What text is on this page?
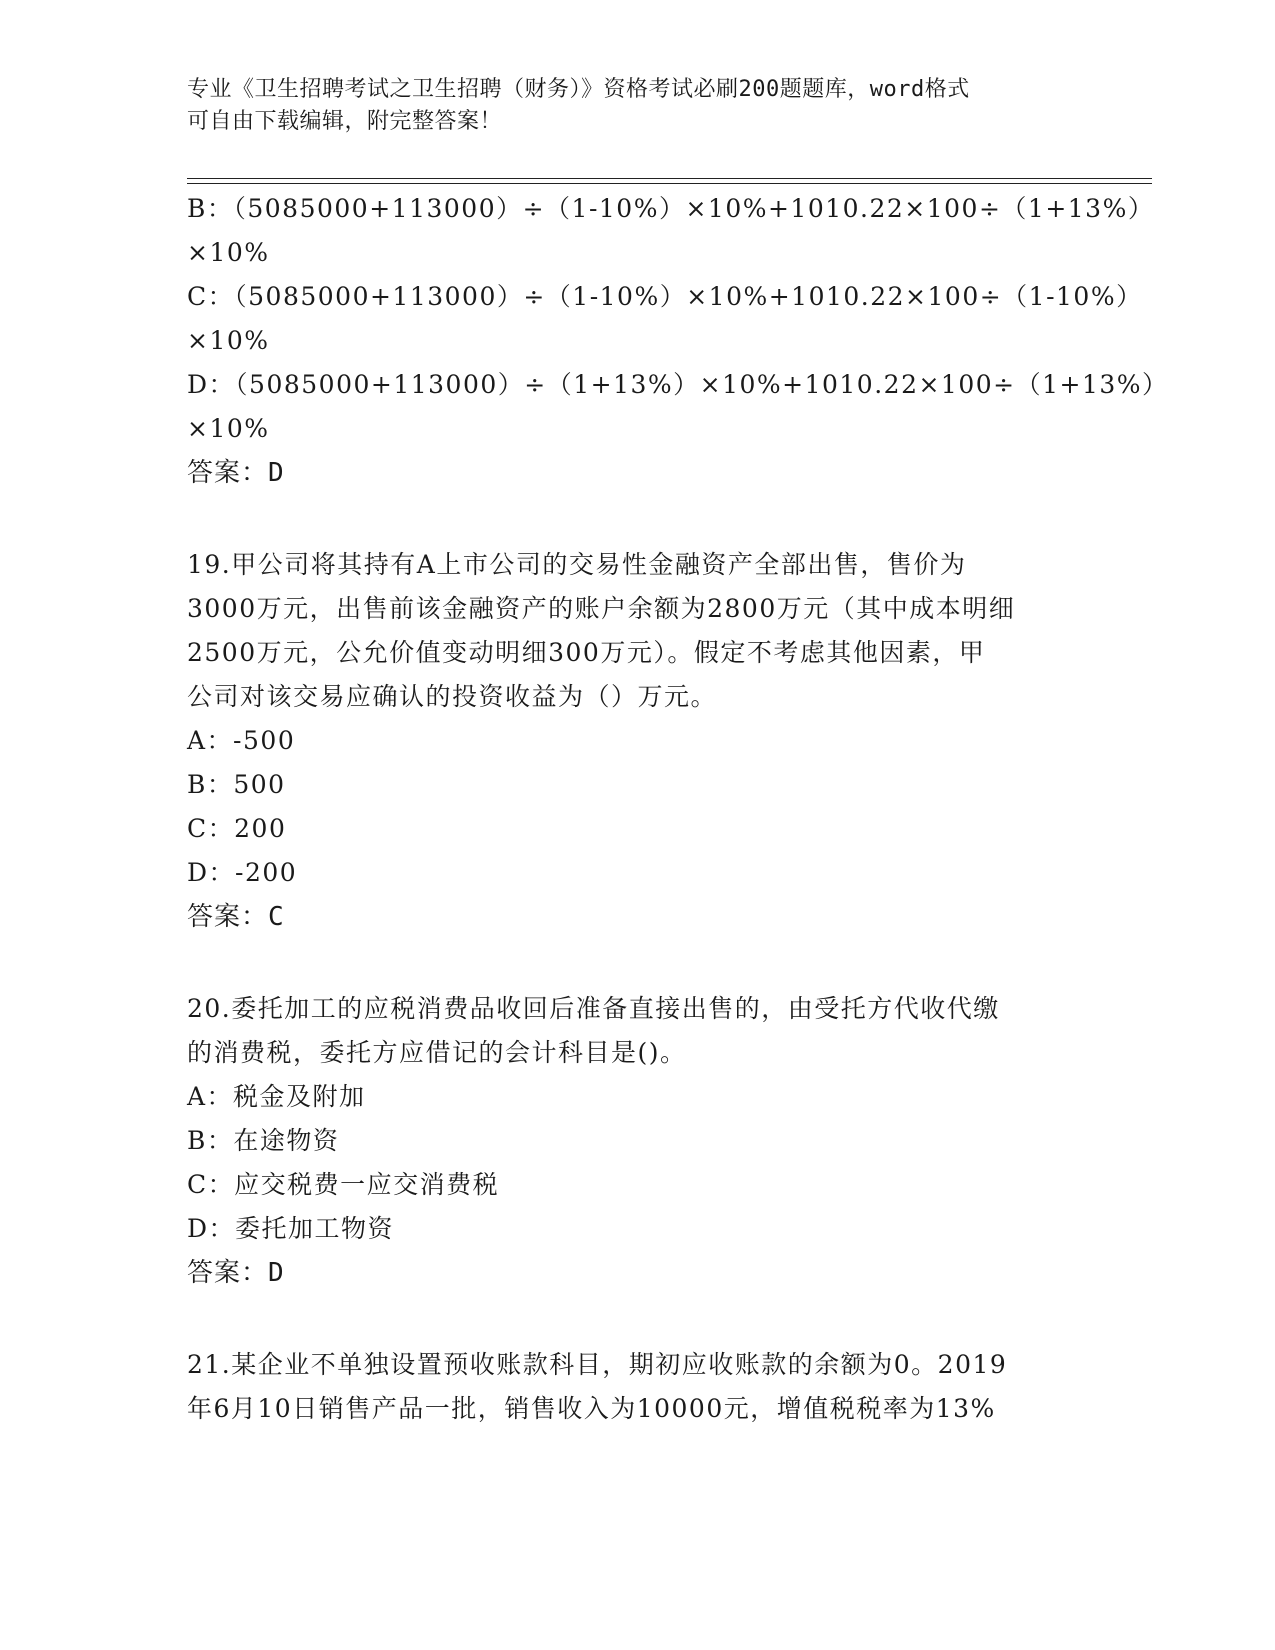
专业《卫生招聘考试之卫生招聘（财务）》资格考试必刷200题题库，word格式
可自由下载编辑，附完整答案！
B：（5085000+113000）÷（1-10%）×10%+1010.22×100÷（1+13%）
×10%
C：（5085000+113000）÷（1-10%）×10%+1010.22×100÷（1-10%）
×10%
D：（5085000+113000）÷（1+13%）×10%+1010.22×100÷（1+13%）
×10%
答案：D
19.甲公司将其持有A上市公司的交易性金融资产全部出售，售价为
3000万元，出售前该金融资产的账户余额为2800万元（其中成本明细
2500万元，公允价值变动明细300万元）。假定不考虑其他因素，甲
公司对该交易应确认的投资收益为（）万元。
A：-500
B：500
C：200
D：-200
答案：C
20.委托加工的应税消费品收回后准备直接出售的，由受托方代收代缴
的消费税，委托方应借记的会计科目是()。
A：税金及附加
B：在途物资
C：应交税费一应交消费税
D：委托加工物资
答案：D
21.某企业不单独设置预收账款科目，期初应收账款的余额为0。2019
年6月10日销售产品一批，销售收入为10000元，增值税税率为13%
